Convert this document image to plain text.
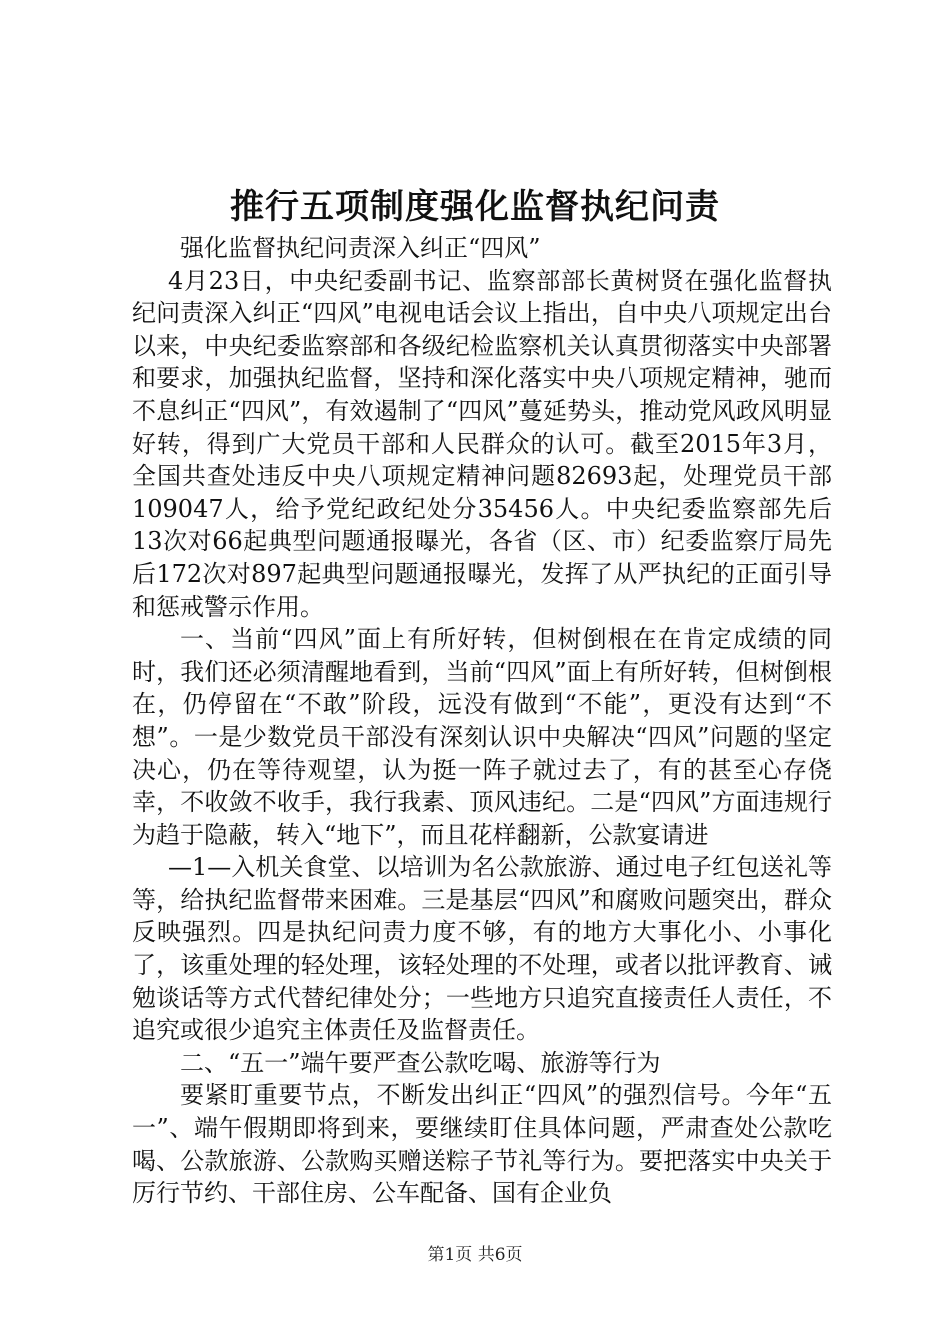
推行五项制度强化监督执纪问责

强化监督执纪问责深入纠正“四风”

4月23日，中央纪委副书记、监察部部长黄树贤在强化监督执纪问责深入纠正“四风”电视电话会议上指出，自中央八项规定出台以来，中央纪委监察部和各级纪检监察机关认真贯彻落实中央部署和要求，加强执纪监督，坚持和深化落实中央八项规定精神，驰而不息纠正“四风”，有效遏制了“四风”蔓延势头，推动党风政风明显好转，得到广大党员干部和人民群众的认可。截至2015年3月，全国共查处违反中央八项规定精神问题82693起，处理党员干部109047人，给予党纪政纪处分35456人。中央纪委监察部先后13次对66起典型问题通报曝光，各省（区、市）纪委监察厅局先后172次对897起典型问题通报曝光，发挥了从严执纪的正面引导和惩戒警示作用。

一、当前“四风”面上有所好转，但树倒根在在肯定成绩的同时，我们还必须清醒地看到，当前“四风”面上有所好转，但树倒根在，仍停留在“不敢”阶段，远没有做到“不能”，更没有达到“不想”。一是少数党员干部没有深刻认识中央解决“四风”问题的坚定决心，仍在等待观望，认为挺一阵子就过去了，有的甚至心存侥幸，不收敛不收手，我行我素、顶风违纪。二是“四风”方面违规行为趋于隐蔽，转入“地下”，而且花样翻新，公款宴请进

—1—入机关食堂、以培训为名公款旅游、通过电子红包送礼等等，给执纪监督带来困难。三是基层“四风”和腐败问题突出，群众反映强烈。四是执纪问责力度不够，有的地方大事化小、小事化了，该重处理的轻处理，该轻处理的不处理，或者以批评教育、诫勉谈话等方式代替纪律处分；一些地方只追究直接责任人责任，不追究或很少追究主体责任及监督责任。

二、“五一”端午要严查公款吃喝、旅游等行为

要紧盯重要节点，不断发出纠正“四风”的强烈信号。今年“五一”、端午假期即将到来，要继续盯住具体问题，严肃查处公款吃喝、公款旅游、公款购买赠送粽子节礼等行为。要把落实中央关于厉行节约、干部住房、公车配备、国有企业负

第1页 共6页
